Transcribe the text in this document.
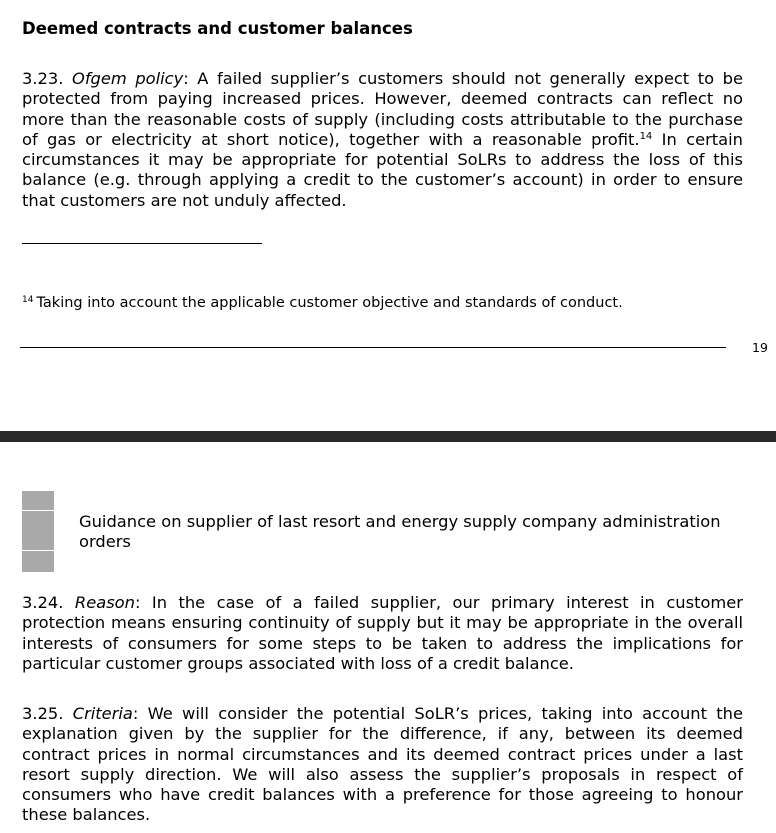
Deemed contracts and customer balances

3.23. Ofgem policy: A failed supplier’s customers should not generally expect to be protected from paying increased prices. However, deemed contracts can reflect no more than the reasonable costs of supply (including costs attributable to the purchase of gas or electricity at short notice), together with a reasonable profit.$^{14}$ In certain circumstances it may be appropriate for potential SoLRs to address the loss of this balance (e.g. through applying a credit to the customer’s account) in order to ensure that customers are not unduly affected.

$^{14}$ Taking into account the applicable customer objective and standards of conduct.

19

Guidance on supplier of last resort and energy supply company administration orders

3.24. Reason: In the case of a failed supplier, our primary interest in customer protection means ensuring continuity of supply but it may be appropriate in the overall interests of consumers for some steps to be taken to address the implications for particular customer groups associated with loss of a credit balance.

3.25. Criteria: We will consider the potential SoLR’s prices, taking into account the explanation given by the supplier for the difference, if any, between its deemed contract prices in normal circumstances and its deemed contract prices under a last resort supply direction. We will also assess the supplier’s proposals in respect of consumers who have credit balances with a preference for those agreeing to honour these balances.
